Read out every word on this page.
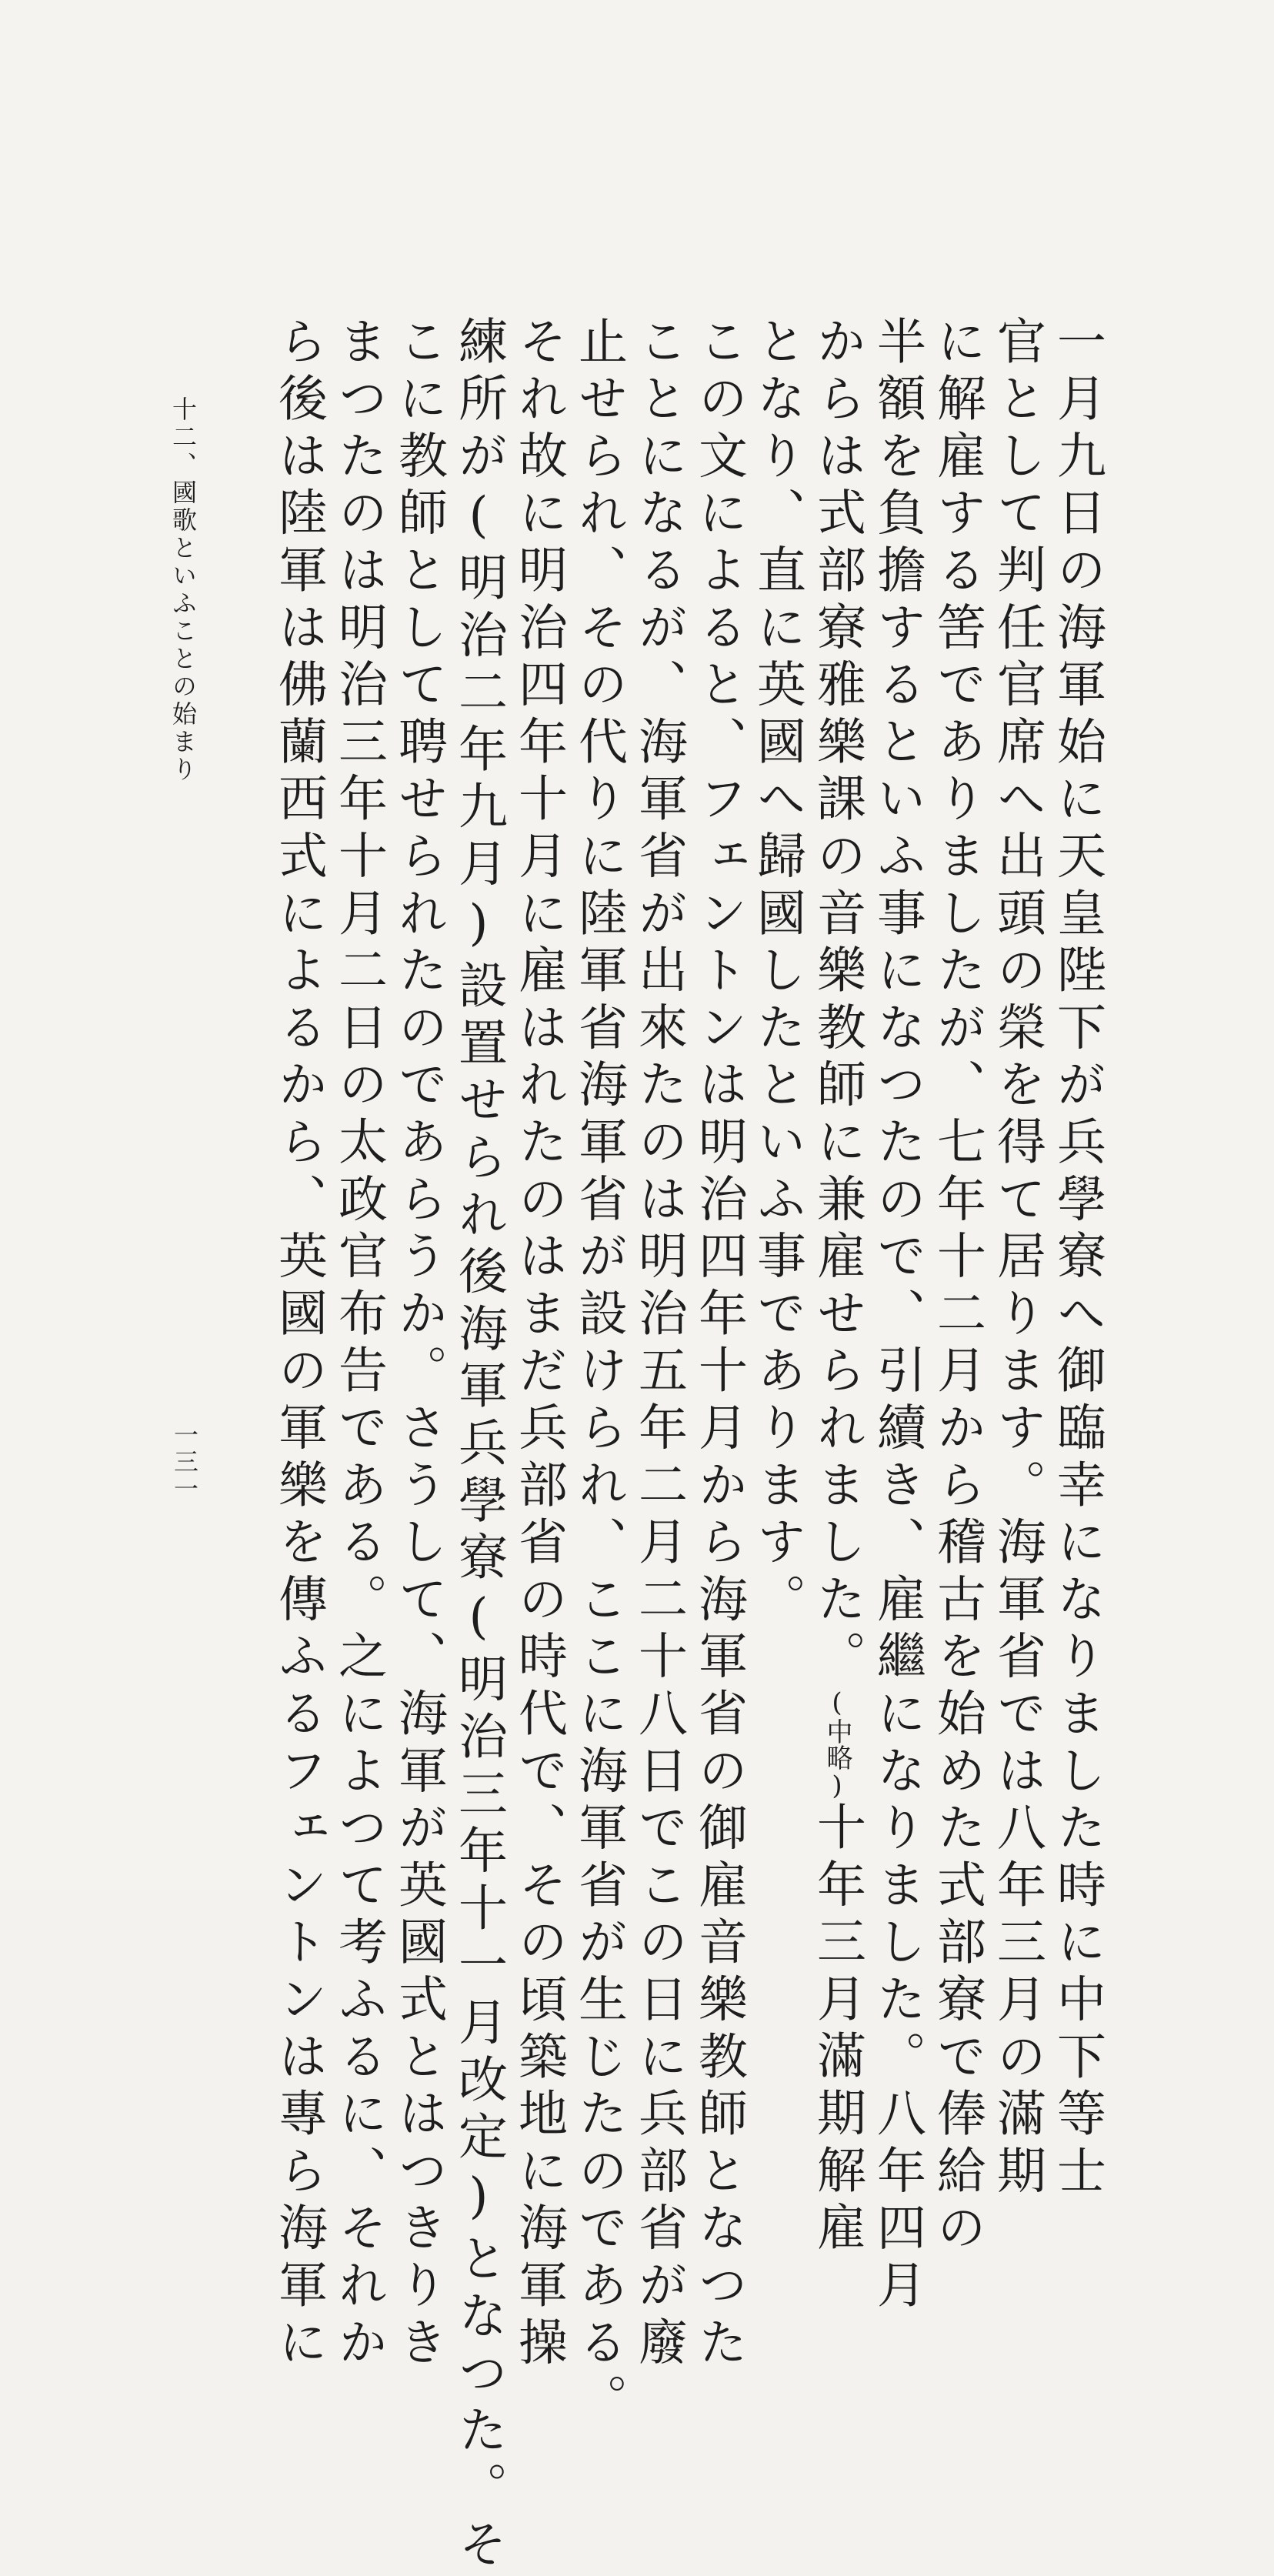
一月九日の海軍始に天皇陛下が兵學寮へ御臨幸になりました時に中下等士
官として判任官席へ出頭の榮を得て居ります。海軍省では八年三月の滿期
に解雇する筈でありましたが、七年十二月から稽古を始めた式部寮で俸給の
半額を負擔するといふ事になつたので、引續き、雇繼になりました。八年四月
からは式部寮雅樂課の音樂教師に兼雇せられました。(中略)十年三月滿期解雇
となり、直に英國へ歸國したといふ事であります。
この文によると、フェントンは明治四年十月から海軍省の御雇音樂教師となつた
ことになるが、海軍省が出來たのは明治五年二月二十八日でこの日に兵部省が廢
止せられ、その代りに陸軍省海軍省が設けられ、ここに海軍省が生じたのである。
それ故に明治四年十月に雇はれたのはまだ兵部省の時代で、その頃築地に海軍操
練所が(明治二年九月)設置せられ後海軍兵學寮(明治三年十一月改定)となつた。そ
こに教師として聘せられたのであらうか。さうして、海軍が英國式とはつきりき
まつたのは明治三年十月二日の太政官布告である。之によつて考ふるに、それか
ら後は陸軍は佛蘭西式によるから、英國の軍樂を傳ふるフェントンは專ら海軍に
十二、國歌といふことの始まり
一三一
